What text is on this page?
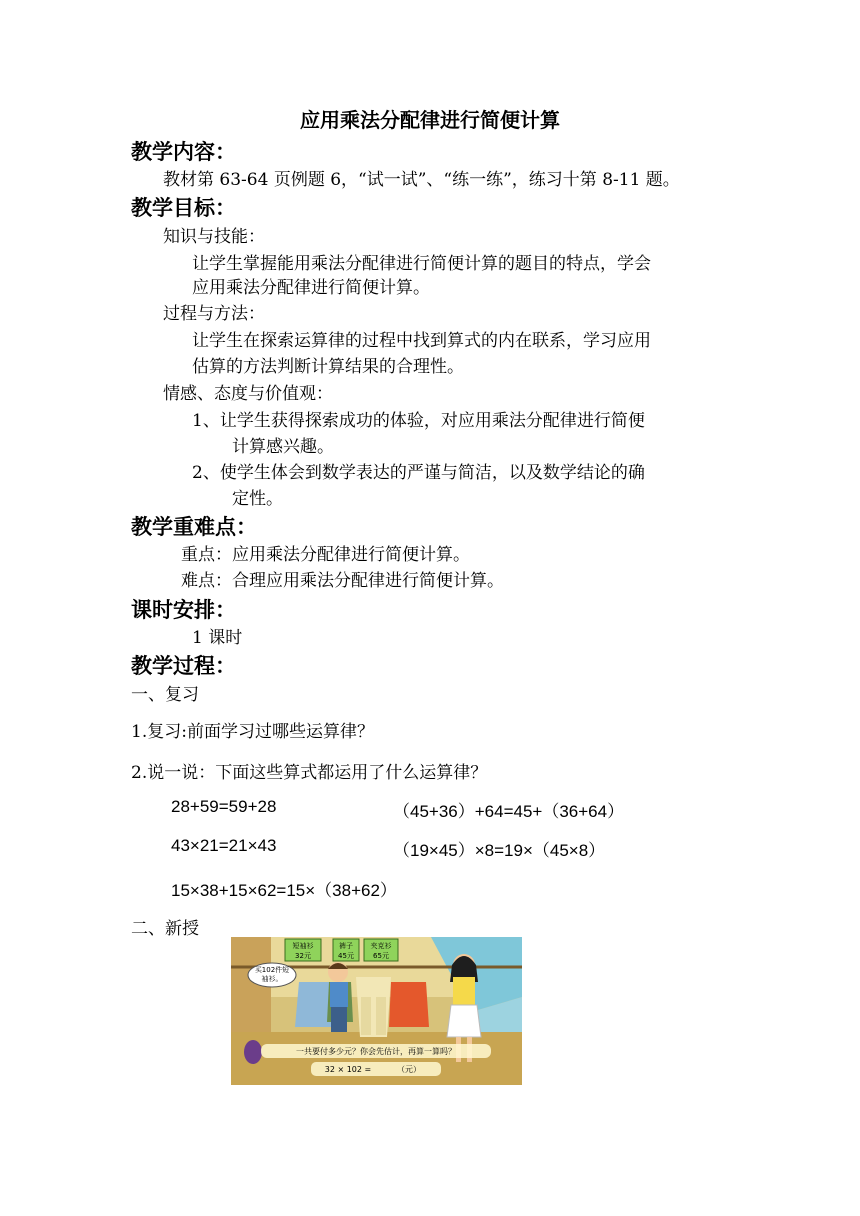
应用乘法分配律进行简便计算
教学内容：
教材第 63-64 页例题 6，“试一试”、“练一练”，练习十第 8-11 题。
教学目标：
知识与技能：
让学生掌握能用乘法分配律进行简便计算的题目的特点，学会
应用乘法分配律进行简便计算。
过程与方法：
让学生在探索运算律的过程中找到算式的内在联系，学习应用
估算的方法判断计算结果的合理性。
情感、态度与价值观：
1、让学生获得探索成功的体验，对应用乘法分配律进行简便
计算感兴趣。
2、使学生体会到数学表达的严谨与简洁，以及数学结论的确
定性。
教学重难点：
重点：应用乘法分配律进行简便计算。
难点：合理应用乘法分配律进行简便计算。
课时安排：
1 课时
教学过程：
一、复习
1.复习:前面学习过哪些运算律？
2.说一说：下面这些算式都运用了什么运算律？
28+59=59+28	（45+36）+64=45+（36+64）
43×21=21×43	（19×45）×8=19×（45×8）
15×38+15×62=15×（38+62）
二、新授
短袖衫
32元
裤子
45元
夹克衫
65元
买102件短
袖衫。
一共要付多少元？你会先估计，再算一算吗？
32 × 102 =	（元）
